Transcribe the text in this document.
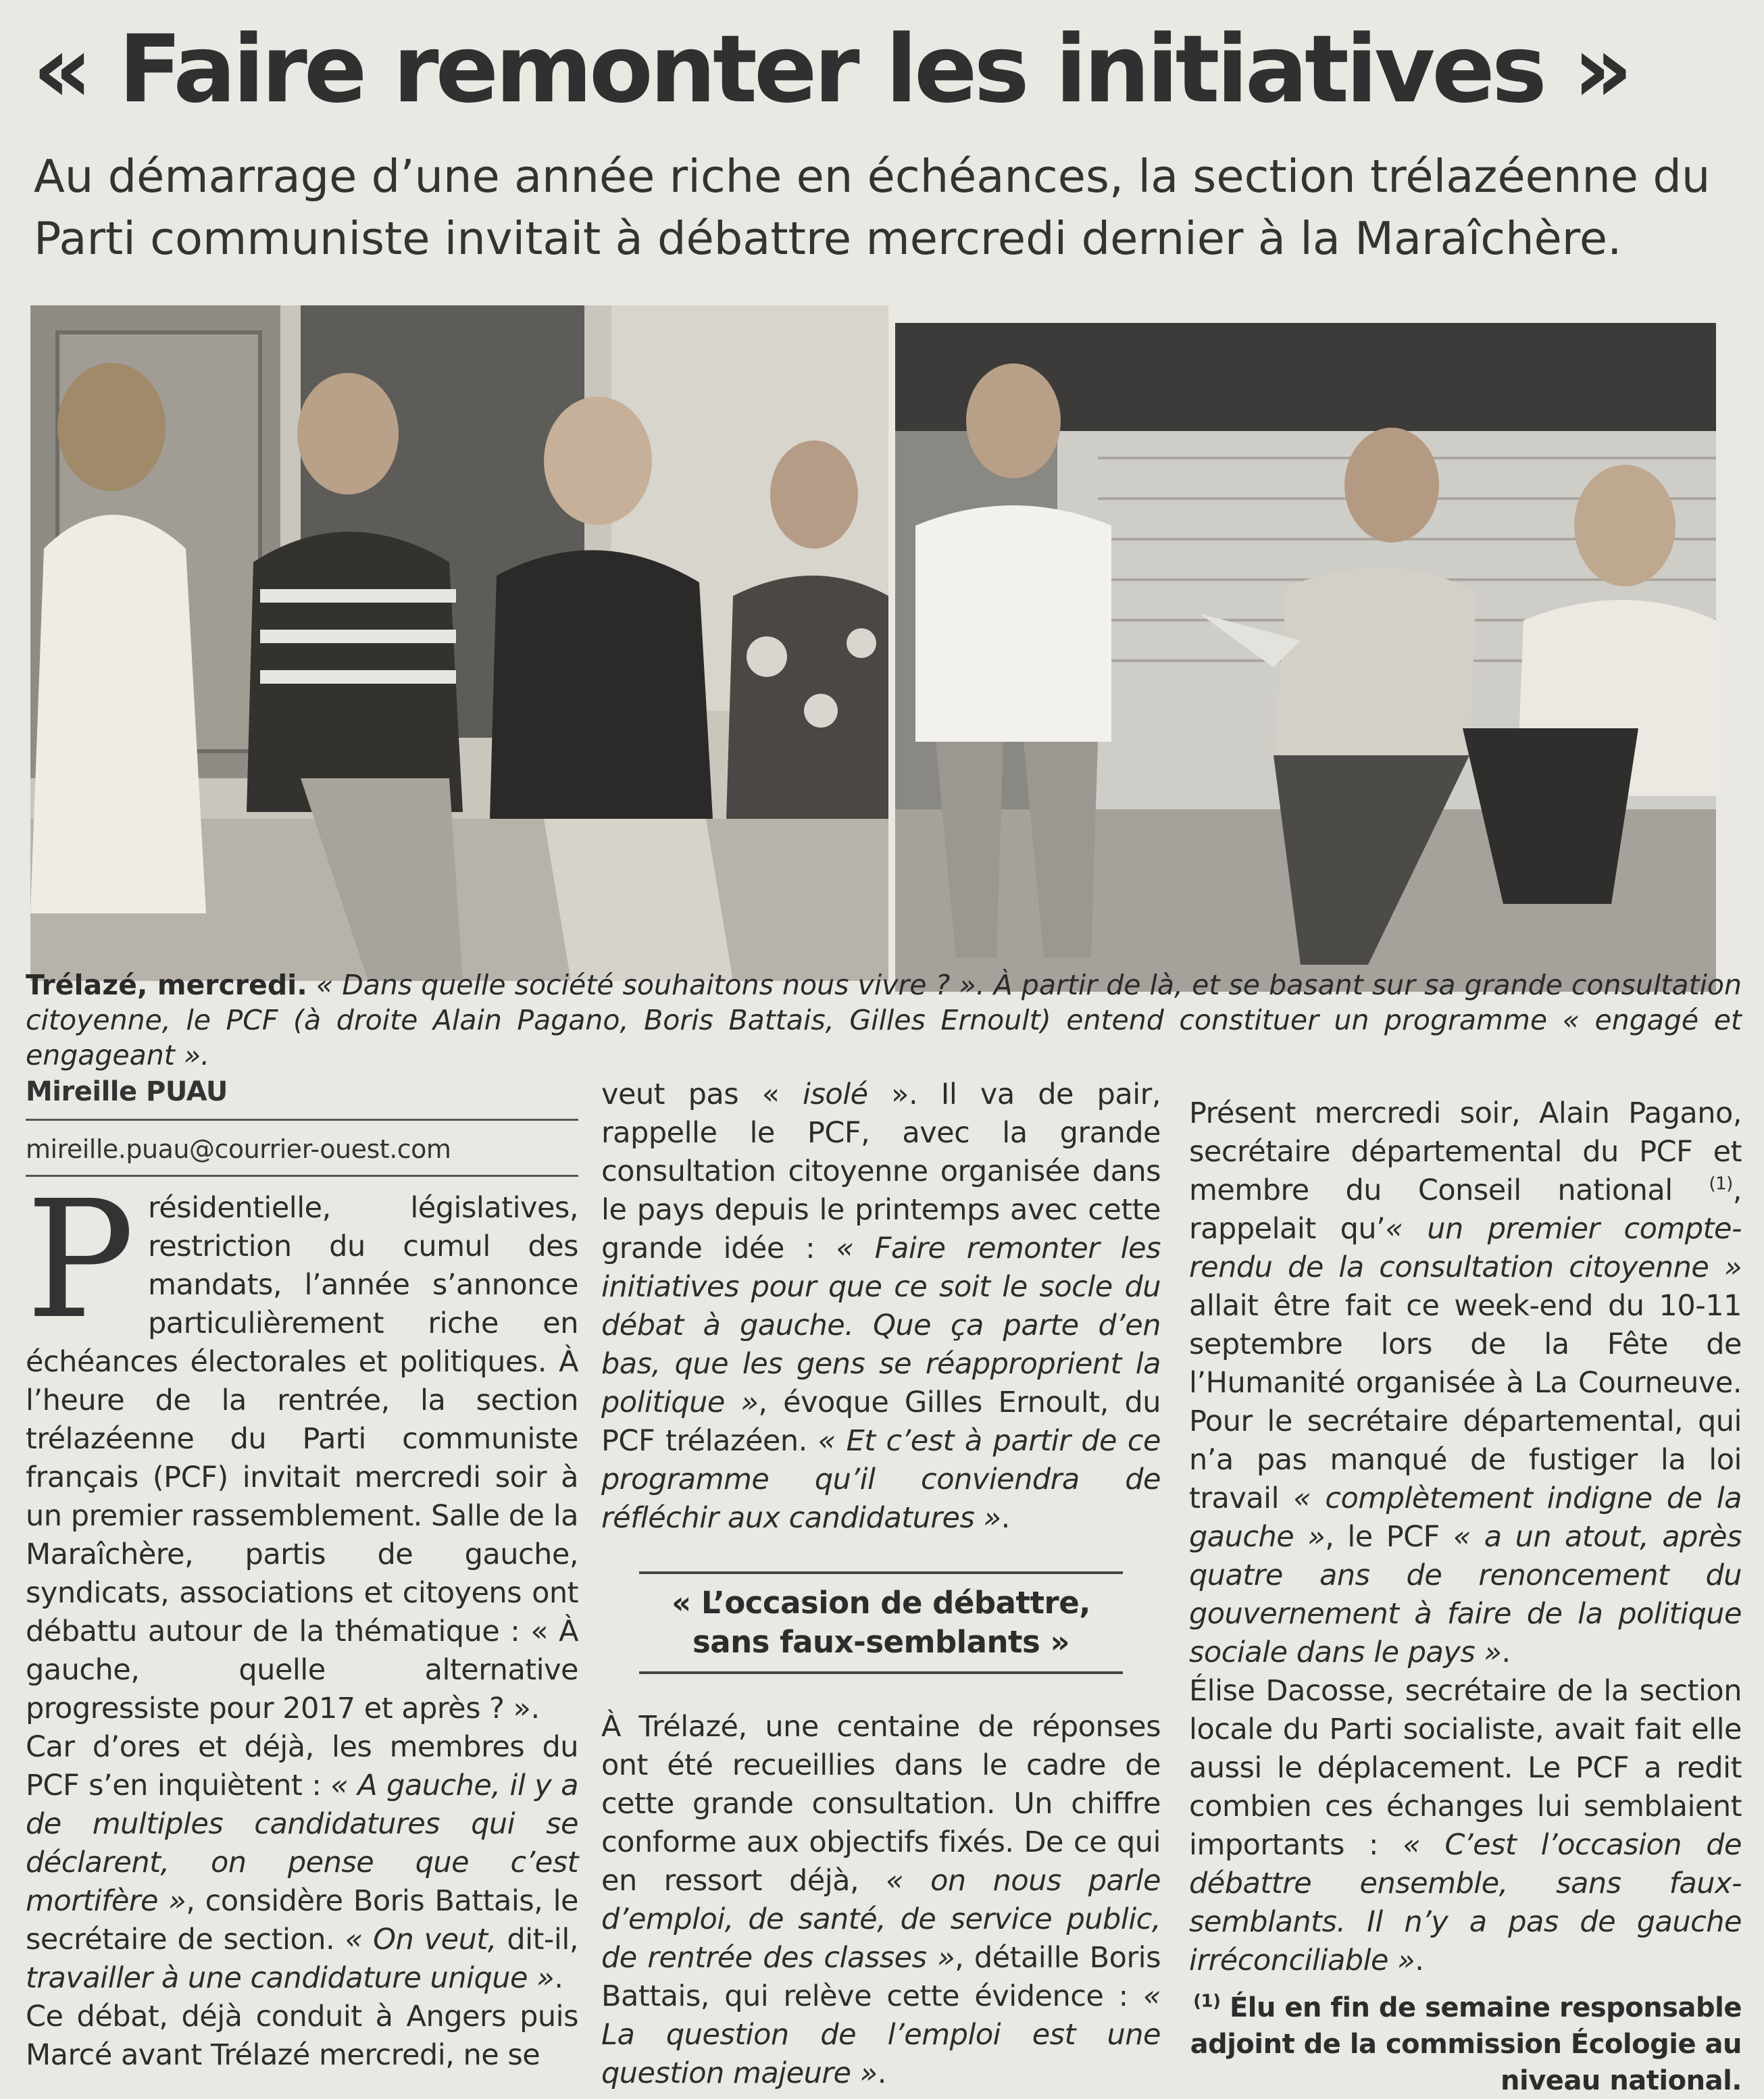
« Faire remonter les initiatives »

Au démarrage d’une année riche en échéances, la section trélazéenne du Parti communiste invitait à débattre mercredi dernier à la Maraîchère.

Trélazé, mercredi. « Dans quelle société souhaitons nous vivre ? ». À partir de là, et se basant sur sa grande consultation citoyenne, le PCF (à droite Alain Pagano, Boris Battais, Gilles Ernoult) entend constituer un programme « engagé et engageant ».
Mireille PUAU
mireille.puau@courrier-ouest.com

Présidentielle, législatives, restriction du cumul des mandats, l’année s’annonce particulièrement riche en échéances électorales et politiques. À l’heure de la rentrée, la section trélazéenne du Parti communiste français (PCF) invitait mercredi soir à un premier rassemblement. Salle de la Maraîchère, partis de gauche, syndicats, associations et citoyens ont débattu autour de la thématique : « À gauche, quelle alternative progressiste pour 2017 et après ? ».

Car d’ores et déjà, les membres du PCF s’en inquiètent : « A gauche, il y a de multiples candidatures qui se déclarent, on pense que c’est mortifère », considère Boris Battais, le secrétaire de section. « On veut, dit-il, travailler à une candidature unique ».

Ce débat, déjà conduit à Angers puis Marcé avant Trélazé mercredi, ne se

veut pas « isolé ». Il va de pair, rappelle le PCF, avec la grande consultation citoyenne organisée dans le pays depuis le printemps avec cette grande idée : « Faire remonter les initiatives pour que ce soit le socle du débat à gauche. Que ça parte d’en bas, que les gens se réapproprient la politique », évoque Gilles Ernoult, du PCF trélazéen. « Et c’est à partir de ce programme qu’il conviendra de réfléchir aux candidatures ».

« L’occasion de débattre, sans faux-semblants »

À Trélazé, une centaine de réponses ont été recueillies dans le cadre de cette grande consultation. Un chiffre conforme aux objectifs fixés. De ce qui en ressort déjà, « on nous parle d’emploi, de santé, de service public, de rentrée des classes », détaille Boris Battais, qui relève cette évidence : « La question de l’emploi est une question majeure ».

Présent mercredi soir, Alain Pagano, secrétaire départemental du PCF et membre du Conseil national $^{(1)}$, rappelait qu’« un premier compte-rendu de la consultation citoyenne » allait être fait ce week-end du 10-11 septembre lors de la Fête de l’Humanité organisée à La Courneuve. Pour le secrétaire départemental, qui n’a pas manqué de fustiger la loi travail « complètement indigne de la gauche », le PCF « a un atout, après quatre ans de renoncement du gouvernement à faire de la politique sociale dans le pays ».

Élise Dacosse, secrétaire de la section locale du Parti socialiste, avait fait elle aussi le déplacement. Le PCF a redit combien ces échanges lui semblaient importants : « C’est l’occasion de débattre ensemble, sans faux-semblants. Il n’y a pas de gauche irréconciliable ».

$^{(1)}$ Élu en fin de semaine responsable adjoint de la commission Écologie au niveau national.
